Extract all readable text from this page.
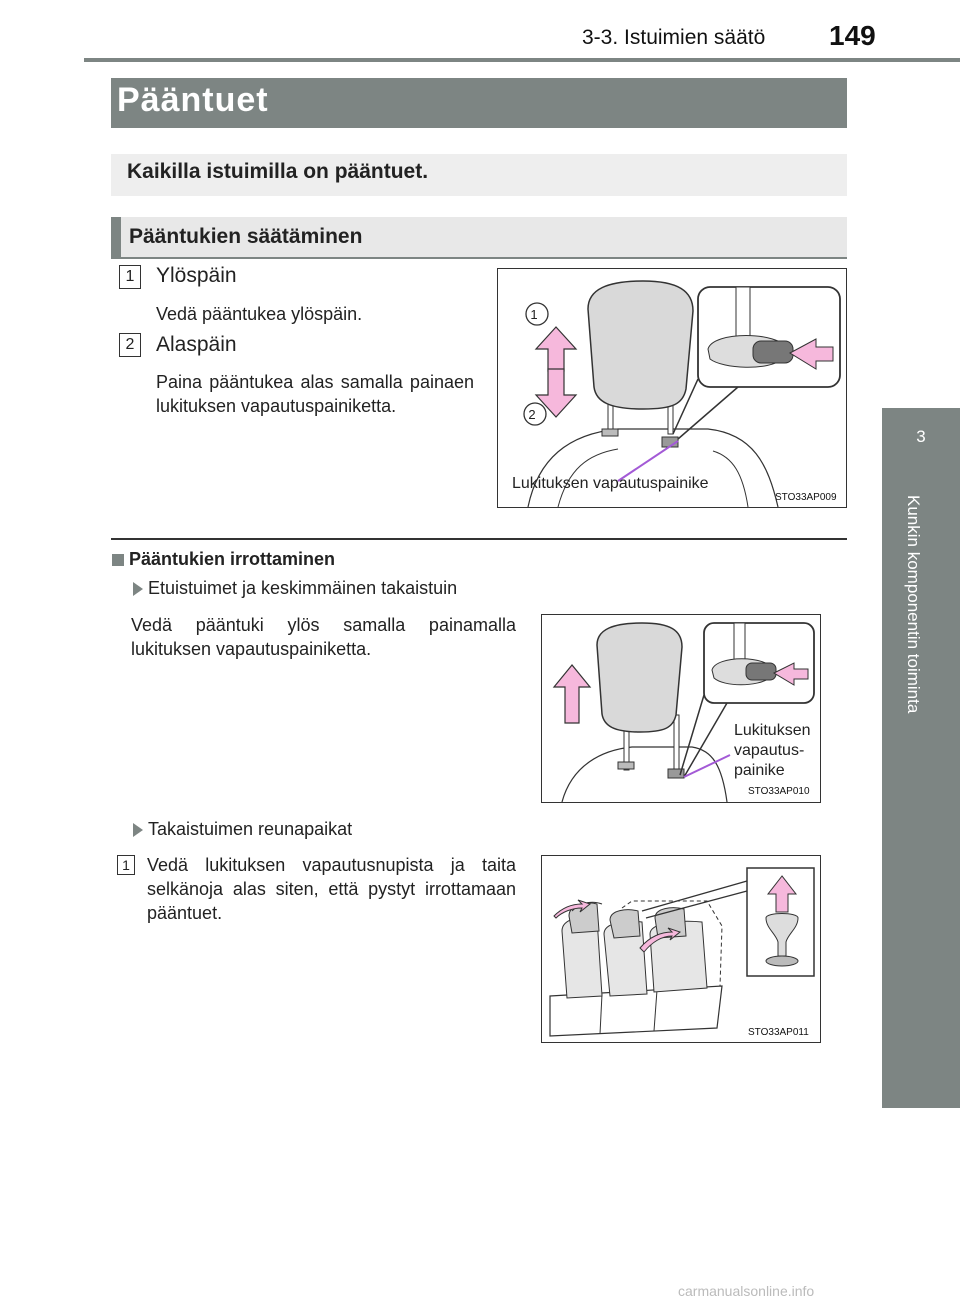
3-3. Istuimien säätö 149
3
Kunkin komponentin toiminta
Pääntuet
Kaikilla istuimilla on pääntuet.
Pääntukien säätäminen
1	Ylöspäin
Vedä pääntukea ylöspäin.
2	Alaspäin
Paina pääntukea alas samalla painaen lukituksen vapautuspainiketta.
1
2
Lukituksen vapautuspainike
STO33AP009
Pääntukien irrottaminen
Etuistuimet ja keskimmäinen takaistuin
Vedä pääntuki ylös samalla painamalla lukituksen vapautuspainiketta.
Lukituksen
vapautus-
painike
STO33AP010
Takaistuimen reunapaikat
1 Vedä lukituksen vapautusnupista ja taita selkänoja alas siten, että pystyt irrottamaan pääntuet.
STO33AP011
carmanualsonline.info
